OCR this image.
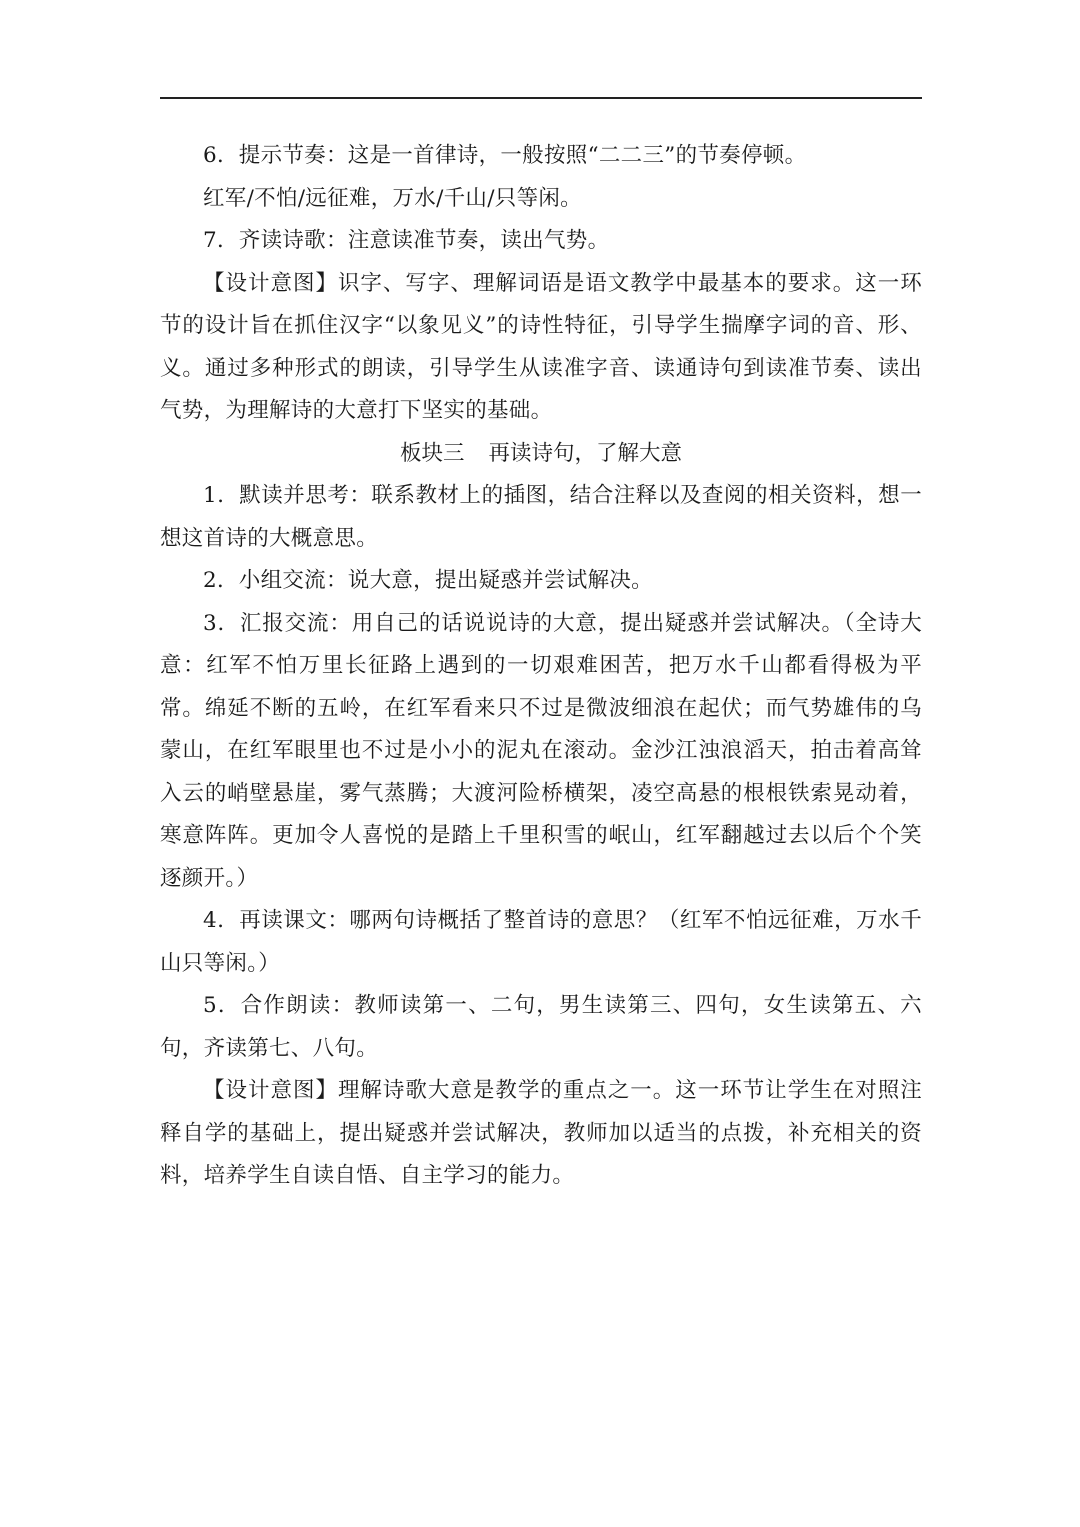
6．提示节奏：这是一首律诗，一般按照“二二三”的节奏停顿。

红军/不怕/远征难，万水/千山/只等闲。

7．齐读诗歌：注意读准节奏，读出气势。

【设计意图】识字、写字、理解词语是语文教学中最基本的要求。这一环节的设计旨在抓住汉字“以象见义”的诗性特征，引导学生揣摩字词的音、形、义。通过多种形式的朗读，引导学生从读准字音、读通诗句到读准节奏、读出气势，为理解诗的大意打下坚实的基础。

板块三 再读诗句，了解大意

1．默读并思考：联系教材上的插图，结合注释以及查阅的相关资料，想一想这首诗的大概意思。

2．小组交流：说大意，提出疑惑并尝试解决。

3．汇报交流：用自己的话说说诗的大意，提出疑惑并尝试解决。（全诗大意：红军不怕万里长征路上遇到的一切艰难困苦，把万水千山都看得极为平常。绵延不断的五岭，在红军看来只不过是微波细浪在起伏；而气势雄伟的乌蒙山，在红军眼里也不过是小小的泥丸在滚动。金沙江浊浪滔天，拍击着高耸入云的峭壁悬崖，雾气蒸腾；大渡河险桥横架，凌空高悬的根根铁索晃动着，寒意阵阵。更加令人喜悦的是踏上千里积雪的岷山，红军翻越过去以后个个笑逐颜开。）

4．再读课文：哪两句诗概括了整首诗的意思？（红军不怕远征难，万水千山只等闲。）

5．合作朗读：教师读第一、二句，男生读第三、四句，女生读第五、六句，齐读第七、八句。

【设计意图】理解诗歌大意是教学的重点之一。这一环节让学生在对照注释自学的基础上，提出疑惑并尝试解决，教师加以适当的点拨，补充相关的资料，培养学生自读自悟、自主学习的能力。
